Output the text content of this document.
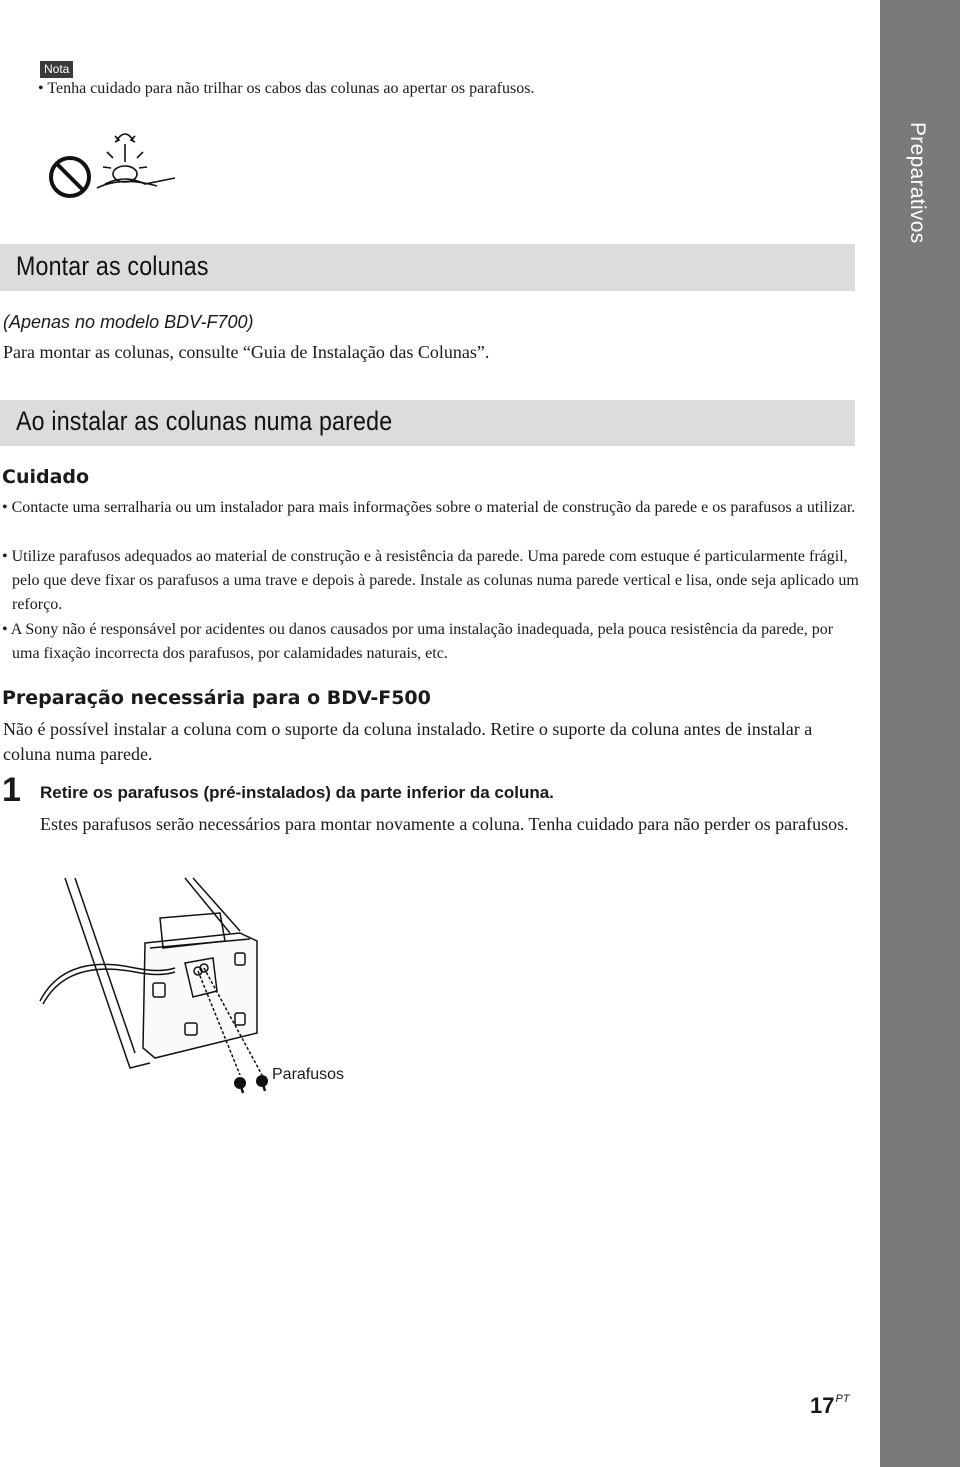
Preparativos
Nota
• Tenha cuidado para não trilhar os cabos das colunas ao apertar os parafusos.
Montar as colunas
(Apenas no modelo BDV-F700)
Para montar as colunas, consulte “Guia de Instalação das Colunas”.
Ao instalar as colunas numa parede
Cuidado
• Contacte uma serralharia ou um instalador para mais informações sobre o material de construção da parede e os parafusos a utilizar.
• Utilize parafusos adequados ao material de construção e à resistência da parede. Uma parede com estuque é particularmente frágil, pelo que deve fixar os parafusos a uma trave e depois à parede. Instale as colunas numa parede vertical e lisa, onde seja aplicado um reforço.
• A Sony não é responsável por acidentes ou danos causados por uma instalação inadequada, pela pouca resistência da parede, por uma fixação incorrecta dos parafusos, por calamidades naturais, etc.
Preparação necessária para o BDV-F500
Não é possível instalar a coluna com o suporte da coluna instalado. Retire o suporte da coluna antes de instalar a coluna numa parede.
1 Retire os parafusos (pré-instalados) da parte inferior da coluna.
Estes parafusos serão necessários para montar novamente a coluna. Tenha cuidado para não perder os parafusos.
Parafusos
$17^{PT}$
